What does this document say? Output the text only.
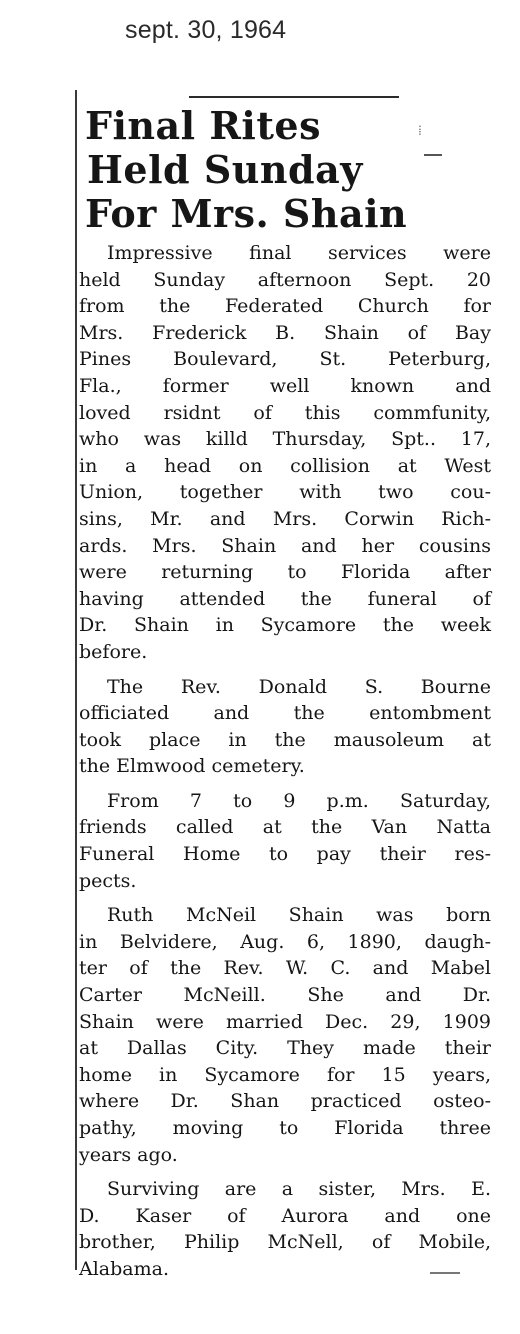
sept. 30, 1964
⁞
Final Rites
Held Sunday
For Mrs. Shain

Impressive final services were
held Sunday afternoon Sept. 20
from the Federated Church for
Mrs. Frederick B. Shain of Bay
Pines Boulevard, St. Peterburg,
Fla., former well known and
loved rsidnt of this commfunity,
who was killd Thursday, Spt.. 17,
in a head on collision at West
Union, together with two cou-
sins, Mr. and Mrs. Corwin Rich-
ards. Mrs. Shain and her cousins
were returning to Florida after
having attended the funeral of
Dr. Shain in Sycamore the week
before.

The Rev. Donald S. Bourne
officiated and the entombment
took place in the mausoleum at
the Elmwood cemetery.

From 7 to 9 p.m. Saturday,
friends called at the Van Natta
Funeral Home to pay their res-
pects.

Ruth McNeil Shain was born
in Belvidere, Aug. 6, 1890, daugh-
ter of the Rev. W. C. and Mabel
Carter McNeill. She and Dr.
Shain were married Dec. 29, 1909
at Dallas City. They made their
home in Sycamore for 15 years,
where Dr. Shan practiced osteo-
pathy, moving to Florida three
years ago.

Surviving are a sister, Mrs. E.
D. Kaser of Aurora and one
brother, Philip McNell, of Mobile,
Alabama.
